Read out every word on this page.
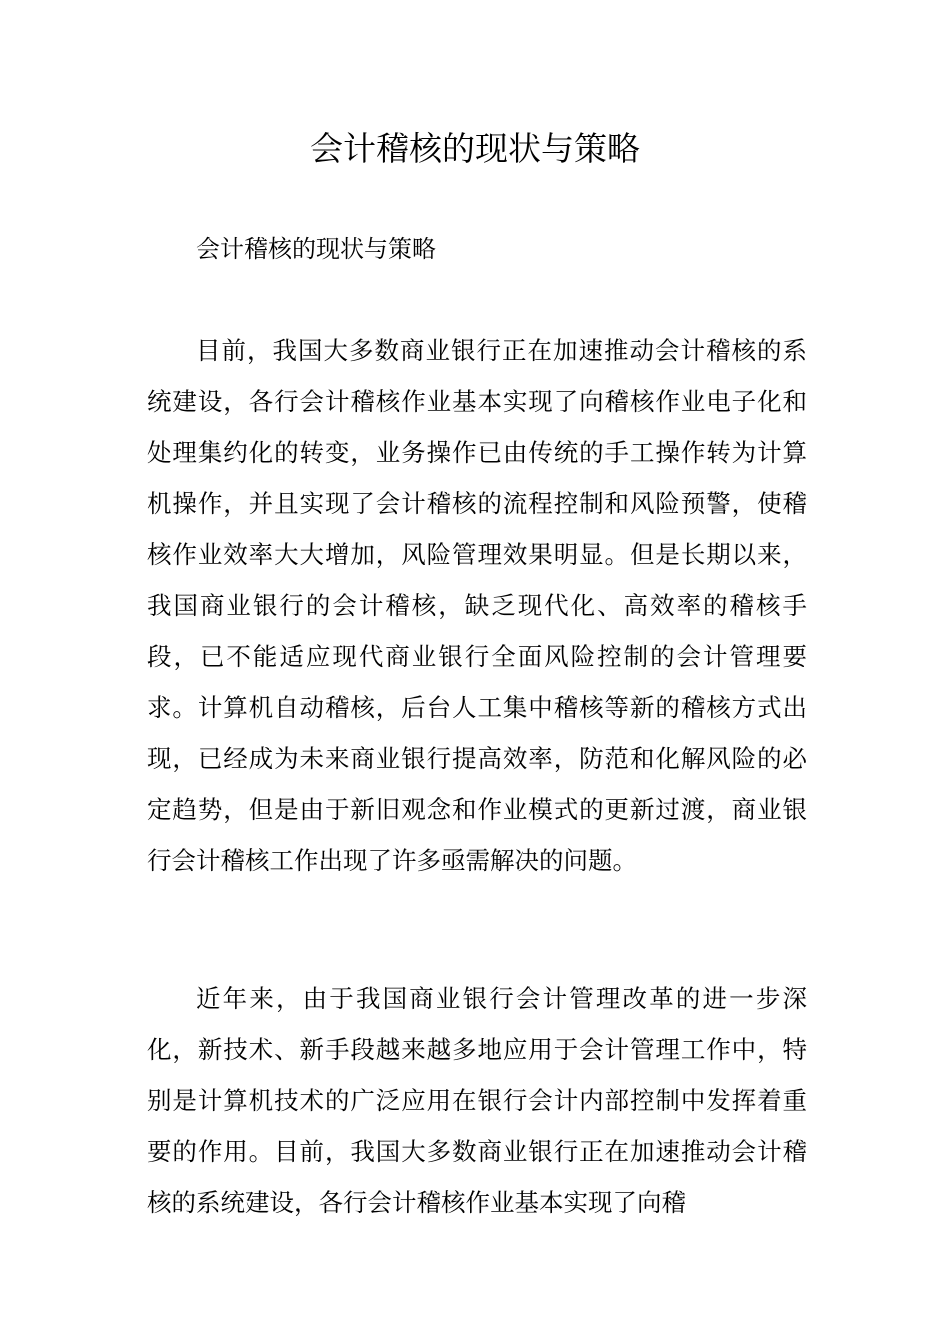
会计稽核的现状与策略

会计稽核的现状与策略

目前，我国大多数商业银行正在加速推动会计稽核的系统建设，各行会计稽核作业基本实现了向稽核作业电子化和处理集约化的转变，业务操作已由传统的手工操作转为计算机操作，并且实现了会计稽核的流程控制和风险预警，使稽核作业效率大大增加，风险管理效果明显。但是长期以来，我国商业银行的会计稽核，缺乏现代化、高效率的稽核手段，已不能适应现代商业银行全面风险控制的会计管理要求。计算机自动稽核，后台人工集中稽核等新的稽核方式出现，已经成为未来商业银行提高效率，防范和化解风险的必定趋势，但是由于新旧观念和作业模式的更新过渡，商业银行会计稽核工作出现了许多亟需解决的问题。

近年来，由于我国商业银行会计管理改革的进一步深化，新技术、新手段越来越多地应用于会计管理工作中，特别是计算机技术的广泛应用在银行会计内部控制中发挥着重要的作用。目前，我国大多数商业银行正在加速推动会计稽核的系统建设，各行会计稽核作业基本实现了向稽
